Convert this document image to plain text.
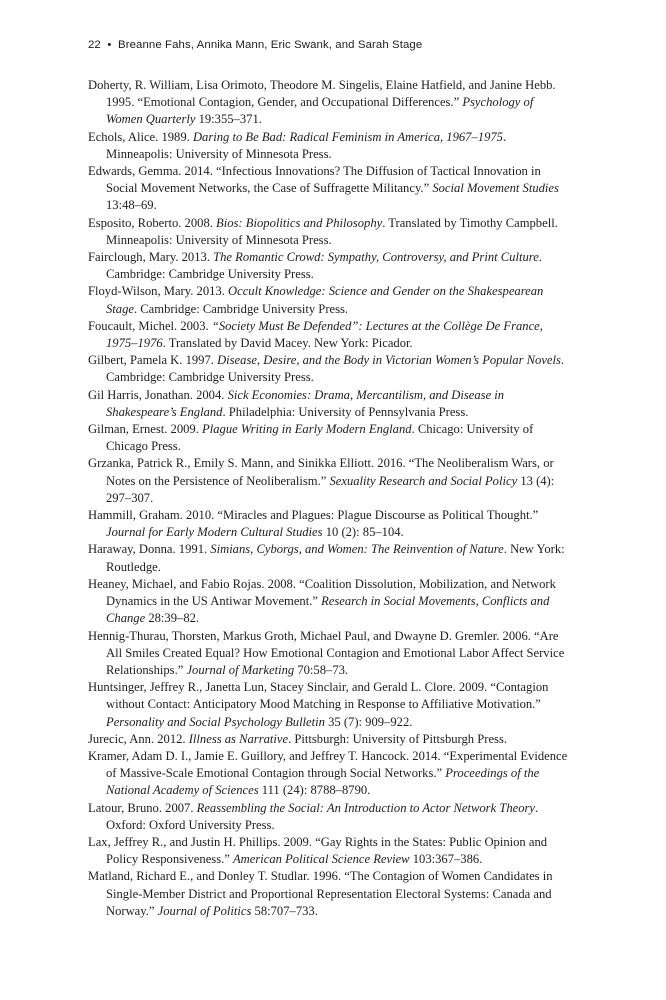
22 • Breanne Fahs, Annika Mann, Eric Swank, and Sarah Stage
Doherty, R. William, Lisa Orimoto, Theodore M. Singelis, Elaine Hatfield, and Janine Hebb. 1995. “Emotional Contagion, Gender, and Occupational Differences.” Psychology of Women Quarterly 19:355–371.
Echols, Alice. 1989. Daring to Be Bad: Radical Feminism in America, 1967–1975. Minneapolis: University of Minnesota Press.
Edwards, Gemma. 2014. “Infectious Innovations? The Diffusion of Tactical Innovation in Social Movement Networks, the Case of Suffragette Militancy.” Social Movement Studies 13:48–69.
Esposito, Roberto. 2008. Bios: Biopolitics and Philosophy. Translated by Timothy Campbell. Minneapolis: University of Minnesota Press.
Fairclough, Mary. 2013. The Romantic Crowd: Sympathy, Controversy, and Print Culture. Cambridge: Cambridge University Press.
Floyd-Wilson, Mary. 2013. Occult Knowledge: Science and Gender on the Shakespearean Stage. Cambridge: Cambridge University Press.
Foucault, Michel. 2003. “Society Must Be Defended”: Lectures at the Collège De France, 1975–1976. Translated by David Macey. New York: Picador.
Gilbert, Pamela K. 1997. Disease, Desire, and the Body in Victorian Women’s Popular Novels. Cambridge: Cambridge University Press.
Gil Harris, Jonathan. 2004. Sick Economies: Drama, Mercantilism, and Disease in Shakespeare’s England. Philadelphia: University of Pennsylvania Press.
Gilman, Ernest. 2009. Plague Writing in Early Modern England. Chicago: University of Chicago Press.
Grzanka, Patrick R., Emily S. Mann, and Sinikka Elliott. 2016. “The Neoliberalism Wars, or Notes on the Persistence of Neoliberalism.” Sexuality Research and Social Policy 13 (4): 297–307.
Hammill, Graham. 2010. “Miracles and Plagues: Plague Discourse as Political Thought.” Journal for Early Modern Cultural Studies 10 (2): 85–104.
Haraway, Donna. 1991. Simians, Cyborgs, and Women: The Reinvention of Nature. New York: Routledge.
Heaney, Michael, and Fabio Rojas. 2008. “Coalition Dissolution, Mobilization, and Network Dynamics in the US Antiwar Movement.” Research in Social Movements, Conflicts and Change 28:39–82.
Hennig-Thurau, Thorsten, Markus Groth, Michael Paul, and Dwayne D. Gremler. 2006. “Are All Smiles Created Equal? How Emotional Contagion and Emotional Labor Affect Service Relationships.” Journal of Marketing 70:58–73.
Huntsinger, Jeffrey R., Janetta Lun, Stacey Sinclair, and Gerald L. Clore. 2009. “Contagion without Contact: Anticipatory Mood Matching in Response to Affiliative Motivation.” Personality and Social Psychology Bulletin 35 (7): 909–922.
Jurecic, Ann. 2012. Illness as Narrative. Pittsburgh: University of Pittsburgh Press.
Kramer, Adam D. I., Jamie E. Guillory, and Jeffrey T. Hancock. 2014. “Experimental Evidence of Massive-Scale Emotional Contagion through Social Networks.” Proceedings of the National Academy of Sciences 111 (24): 8788–8790.
Latour, Bruno. 2007. Reassembling the Social: An Introduction to Actor Network Theory. Oxford: Oxford University Press.
Lax, Jeffrey R., and Justin H. Phillips. 2009. “Gay Rights in the States: Public Opinion and Policy Responsiveness.” American Political Science Review 103:367–386.
Matland, Richard E., and Donley T. Studlar. 1996. “The Contagion of Women Candidates in Single-Member District and Proportional Representation Electoral Systems: Canada and Norway.” Journal of Politics 58:707–733.
